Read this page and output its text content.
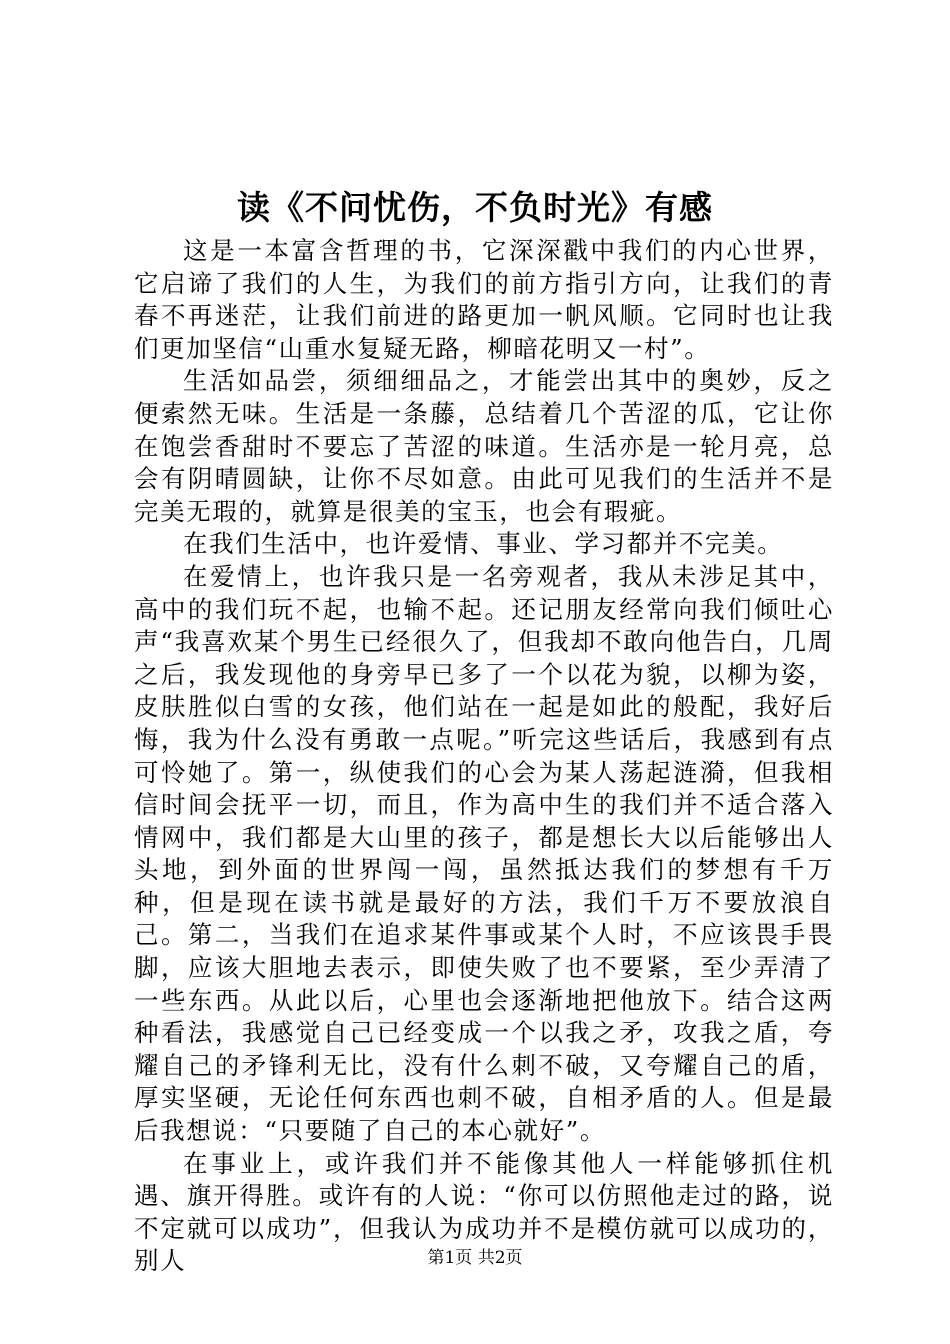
读《不问忧伤，不负时光》有感

这是一本富含哲理的书，它深深戳中我们的内心世界，它启谛了我们的人生，为我们的前方指引方向，让我们的青春不再迷茫，让我们前进的路更加一帆风顺。它同时也让我们更加坚信“山重水复疑无路，柳暗花明又一村”。

生活如品尝，须细细品之，才能尝出其中的奥妙，反之便索然无味。生活是一条藤，总结着几个苦涩的瓜，它让你在饱尝香甜时不要忘了苦涩的味道。生活亦是一轮月亮，总会有阴晴圆缺，让你不尽如意。由此可见我们的生活并不是完美无瑕的，就算是很美的宝玉，也会有瑕疵。

在我们生活中，也许爱情、事业、学习都并不完美。

在爱情上，也许我只是一名旁观者，我从未涉足其中，高中的我们玩不起，也输不起。还记朋友经常向我们倾吐心声“我喜欢某个男生已经很久了，但我却不敢向他告白，几周之后，我发现他的身旁早已多了一个以花为貌，以柳为姿，皮肤胜似白雪的女孩，他们站在一起是如此的般配，我好后悔，我为什么没有勇敢一点呢。”听完这些话后，我感到有点可怜她了。第一，纵使我们的心会为某人荡起涟漪，但我相信时间会抚平一切，而且，作为高中生的我们并不适合落入情网中，我们都是大山里的孩子，都是想长大以后能够出人头地，到外面的世界闯一闯，虽然抵达我们的梦想有千万种，但是现在读书就是最好的方法，我们千万不要放浪自己。第二，当我们在追求某件事或某个人时，不应该畏手畏脚，应该大胆地去表示，即使失败了也不要紧，至少弄清了一些东西。从此以后，心里也会逐渐地把他放下。结合这两种看法，我感觉自己已经变成一个以我之矛，攻我之盾，夸耀自己的矛锋利无比，没有什么刺不破，又夸耀自己的盾，厚实坚硬，无论任何东西也刺不破，自相矛盾的人。但是最后我想说：“只要随了自己的本心就好”。

在事业上，或许我们并不能像其他人一样能够抓住机遇、旗开得胜。或许有的人说：“你可以仿照他走过的路，说不定就可以成功”，但我认为成功并不是模仿就可以成功的，别人	第1页 共2页
